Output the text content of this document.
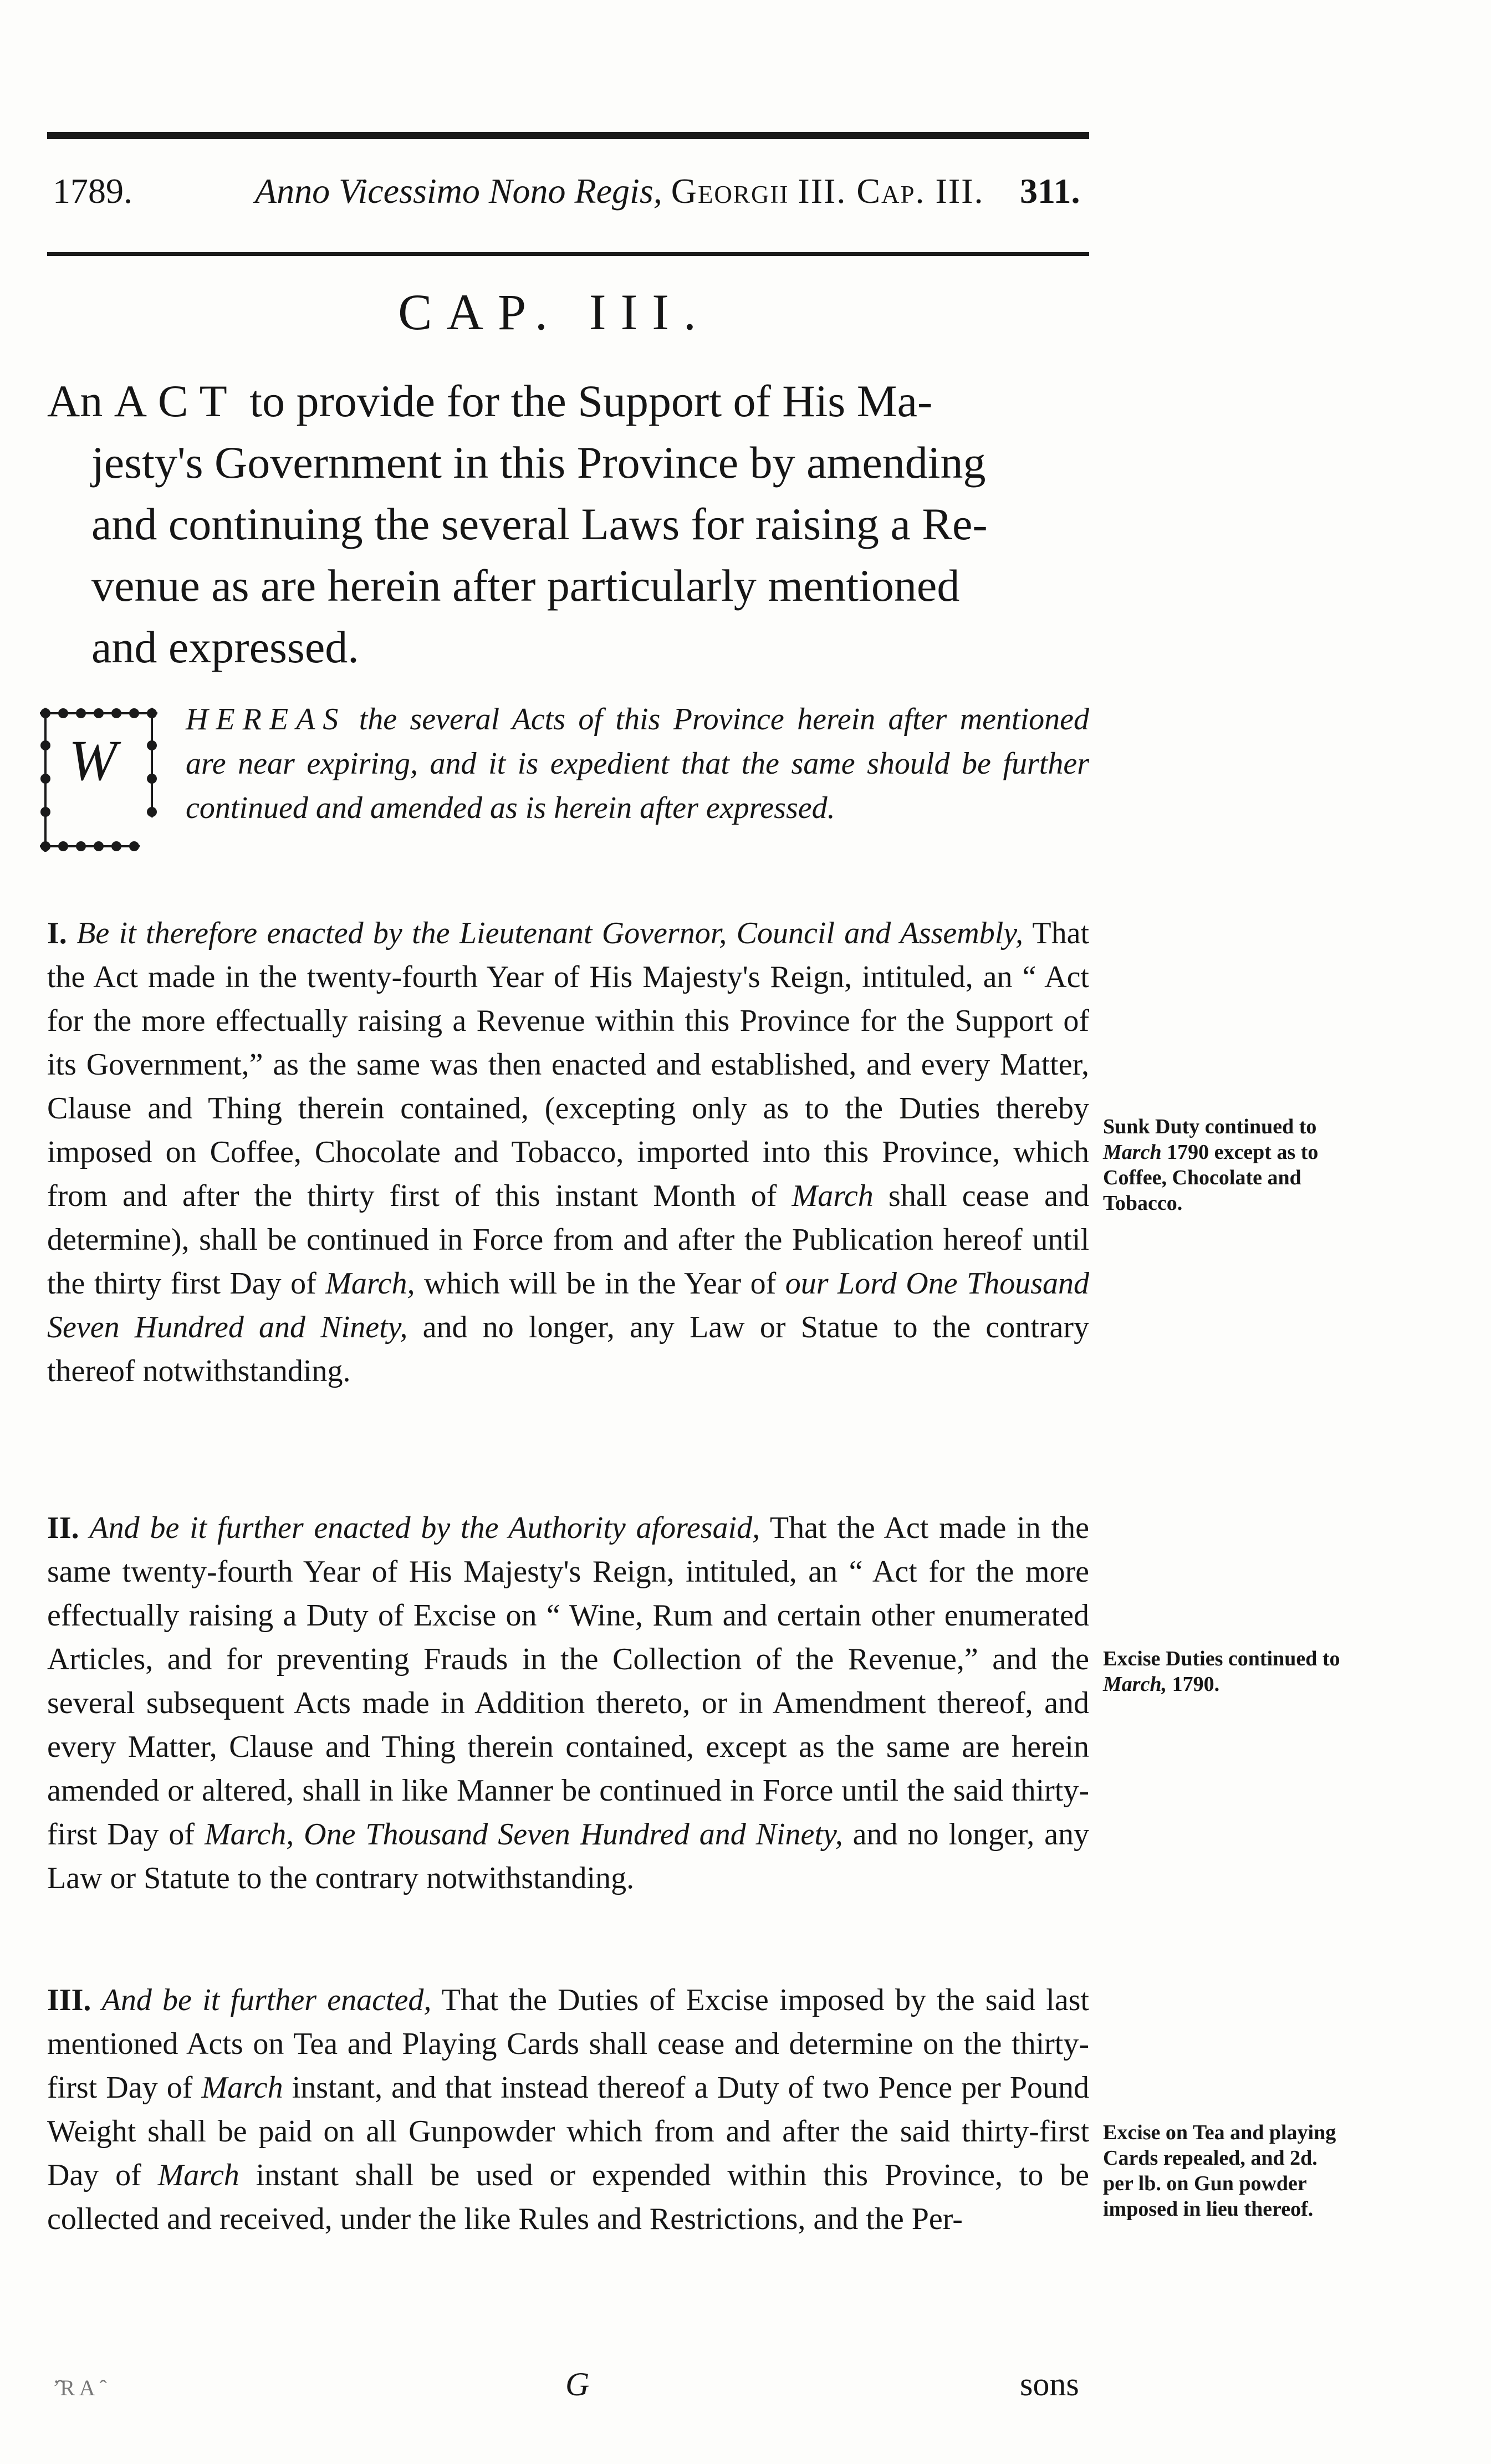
1789.	Anno Vicessimo Nono Regis, Georgii III. Cap. III. 311.
CAP. III.

An ACT to provide for the Support of His Ma-

jesty's Government in this Province by amending
and continuing the several Laws for raising a Re-
venue as are herein after particularly mentioned
and expressed.
W
HEREAS the several Acts of this Province herein after mentioned are near expiring, and it is expedient that the same should be further continued and amended as is herein after expressed.

I. Be it therefore enacted by the Lieutenant Governor, Council and Assembly, That the Act made in the twenty-fourth Year of His Majesty's Reign, intituled, an “ Act for the more effectually raising a Revenue within this Province for the Support of its Government,” as the same was then enacted and established, and every Matter, Clause and Thing therein contained, (excepting only as to the Duties thereby imposed on Coffee, Chocolate and Tobacco, imported into this Province, which from and after the thirty first of this instant Month of March shall cease and determine), shall be continued in Force from and after the Publication hereof until the thirty first Day of March, which will be in the Year of our Lord One Thousand Seven Hundred and Ninety, and no longer, any Law or Statue to the contrary thereof notwithstanding.

Sunk Duty continued to March 1790 except as to Coffee, Chocolate and Tobacco.

II. And be it further enacted by the Authority aforesaid, That the Act made in the same twenty-fourth Year of His Majesty's Reign, intituled, an “ Act for the more effectually raising a Duty of Excise on “ Wine, Rum and certain other enumerated Articles, and for preventing Frauds in the Collection of the Revenue,” and the several subsequent Acts made in Addition thereto, or in Amendment thereof, and every Matter, Clause and Thing therein contained, except as the same are herein amended or altered, shall in like Manner be continued in Force until the said thirty-first Day of March, One Thousand Seven Hundred and Ninety, and no longer, any Law or Statute to the contrary notwithstanding.

Excise Duties continued to March, 1790.

III. And be it further enacted, That the Duties of Excise imposed by the said last mentioned Acts on Tea and Playing Cards shall cease and determine on the thirty-first Day of March instant, and that instead thereof a Duty of two Pence per Pound Weight shall be paid on all Gunpowder which from and after the said thirty-first Day of March instant shall be used or expended within this Province, to be collected and received, under the like Rules and Restrictions, and the Per-

Excise on Tea and playing Cards repealed, and 2d. per lb. on Gun powder imposed in lieu thereof.

’̂R A ˆ	G	sons
